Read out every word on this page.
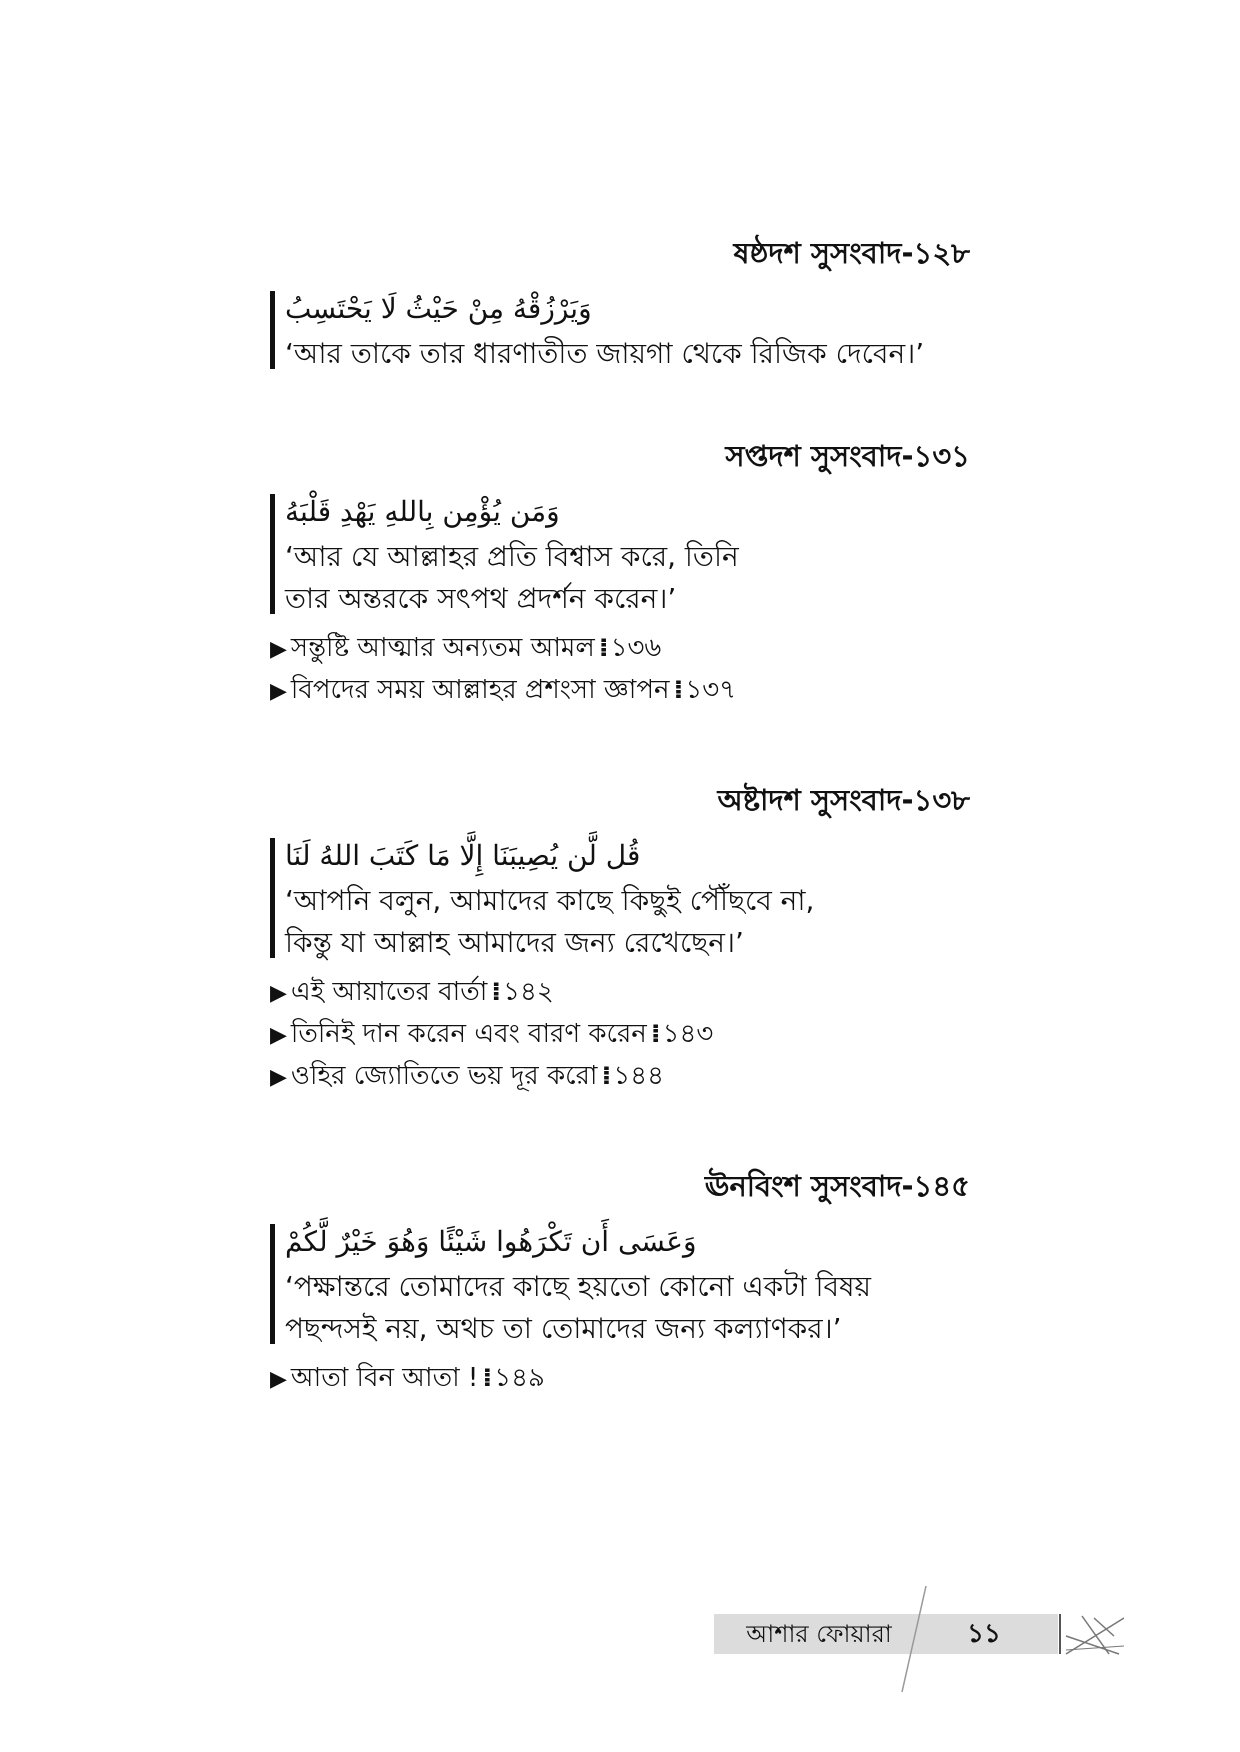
ষষ্ঠদশ সুসংবাদ-১২৮
وَيَرْزُقْهُ مِنْ حَيْثُ لَا يَحْتَسِبُ
‘আর তাকে তার ধারণাতীত জায়গা থেকে রিজিক দেবেন।’
সপ্তদশ সুসংবাদ-১৩১
وَمَن يُؤْمِن بِاللهِ يَهْدِ قَلْبَهُ
‘আর যে আল্লাহর প্রতি বিশ্বাস করে, তিনি
তার অন্তরকে সৎপথ প্রদর্শন করেন।’
▶ সন্তুষ্টি আত্মার অন্যতম আমল ⁞ ১৩৬
▶ বিপদের সময় আল্লাহর প্রশংসা জ্ঞাপন ⁞ ১৩৭
অষ্টাদশ সুসংবাদ-১৩৮
قُل لَّن يُصِيبَنَا إِلَّا مَا كَتَبَ اللهُ لَنَا
‘আপনি বলুন, আমাদের কাছে কিছুই পৌঁছবে না,
কিন্তু যা আল্লাহ আমাদের জন্য রেখেছেন।’
▶ এই আয়াতের বার্তা ⁞ ১৪২
▶ তিনিই দান করেন এবং বারণ করেন ⁞ ১৪৩
▶ ওহির জ্যোতিতে ভয় দূর করো ⁞ ১৪৪
ঊনবিংশ সুসংবাদ-১৪৫
وَعَسَى أَن تَكْرَهُوا شَيْئًا وَهُوَ خَيْرٌ لَّكُمْ
‘পক্ষান্তরে তোমাদের কাছে হয়তো কোনো একটা বিষয়
পছন্দসই নয়, অথচ তা তোমাদের জন্য কল্যাণকর।’
▶ আতা বিন আতা ! ⁞ ১৪৯
আশার ফোয়ারা	১১
